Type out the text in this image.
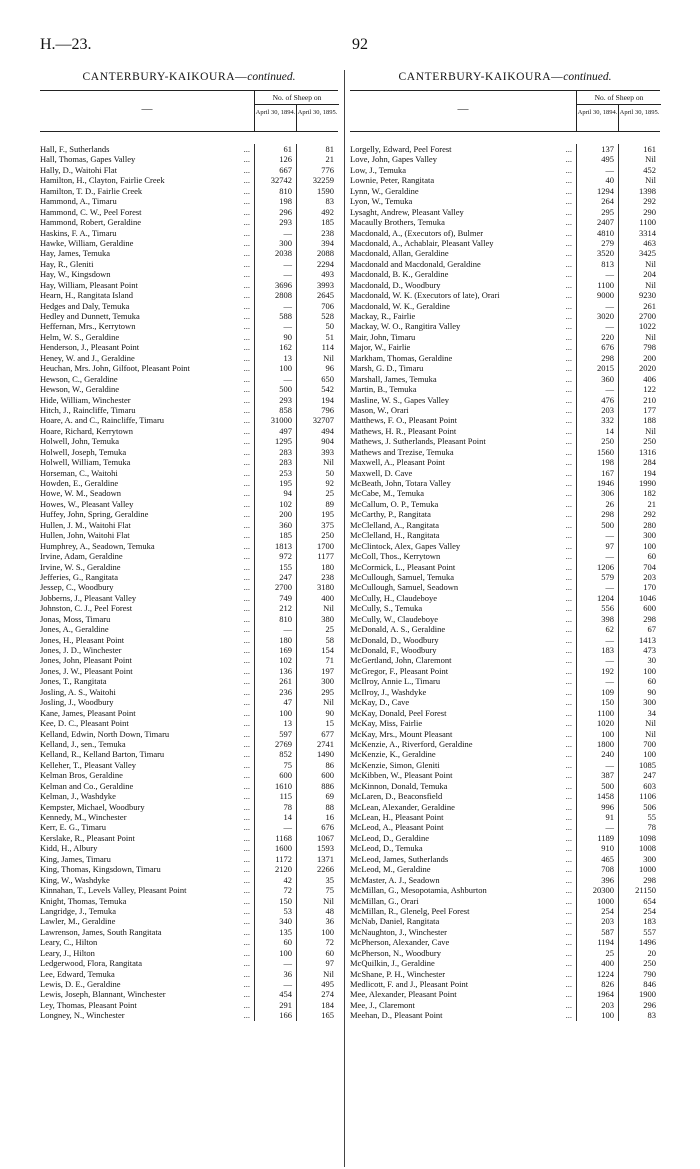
H.—23.	92
CANTERBURY-KAIKOURA—continued.
—
No. of Sheep on
April 30, 1894. April 30, 1895.
Hall, F., Sutherlands	...	61	81
Hall, Thomas, Gapes Valley	...	126	21
Hally, D., Waitohi Flat	...	667	776
Hamilton, H., Clayton, Fairlie Creek	...	32742	32259
Hamilton, T. D., Fairlie Creek	...	810	1590
Hammond, A., Timaru	...	198	83
Hammond, C. W., Peel Forest	...	296	492
Hammond, Robert, Geraldine	...	293	185
Haskins, F. A., Timaru	...	—	238
Hawke, William, Geraldine	...	300	394
Hay, James, Temuka	...	2038	2088
Hay, R., Gleniti	...	—	2294
Hay, W., Kingsdown	...	—	493
Hay, William, Pleasant Point	...	3696	3993
Hearn, H., Rangitata Island	...	2808	2645
Hedges and Daly, Temuka	...	—	706
Hedley and Dunnett, Temuka	...	588	528
Heffernan, Mrs., Kerrytown	...	—	50
Helm, W. S., Geraldine	...	90	51
Henderson, J., Pleasant Point	...	162	114
Heney, W. and J., Geraldine	...	13	Nil
Heuchan, Mrs. John, Gilfoot, Pleasant Point	...	100	96
Hewson, C., Geraldine	...	—	650
Hewson, W., Geraldine	...	500	542
Hide, William, Winchester	...	293	194
Hitch, J., Raincliffe, Timaru	...	858	796
Hoare, A. and C., Raincliffe, Timaru	...	31000	32707
Hoare, Richard, Kerrytown	...	497	494
Holwell, John, Temuka	...	1295	904
Holwell, Joseph, Temuka	...	283	393
Holwell, William, Temuka	...	283	Nil
Horseman, C., Waitohi	...	253	50
Howden, E., Geraldine	...	195	92
Howe, W. M., Seadown	...	94	25
Howes, W., Pleasant Valley	...	102	89
Huffey, John, Spring, Geraldine	...	200	195
Hullen, J. M., Waitohi Flat	...	360	375
Hullen, John, Waitohi Flat	...	185	250
Humphrey, A., Seadown, Temuka	...	1813	1700
Irvine, Adam, Geraldine	...	972	1177
Irvine, W. S., Geraldine	...	155	180
Jefferies, G., Rangitata	...	247	238
Jessep, C., Woodbury	...	2700	3180
Jobberns, J., Pleasant Valley	...	749	400
Johnston, C. J., Peel Forest	...	212	Nil
Jonas, Moss, Timaru	...	810	380
Jones, A., Geraldine	...	—	25
Jones, H., Pleasant Point	...	180	58
Jones, J. D., Winchester	...	169	154
Jones, John, Pleasant Point	...	102	71
Jones, J. W., Pleasant Point	...	136	197
Jones, T., Rangitata	...	261	300
Josling, A. S., Waitohi	...	236	295
Josling, J., Woodbury	...	47	Nil
Kane, James, Pleasant Point	...	100	90
Kee, D. C., Pleasant Point	...	13	15
Kelland, Edwin, North Down, Timaru	...	597	677
Kelland, J., sen., Temuka	...	2769	2741
Kelland, R., Kelland Barton, Timaru	...	852	1490
Kelleher, T., Pleasant Valley	...	75	86
Kelman Bros, Geraldine	...	600	600
Kelman and Co., Geraldine	...	1610	886
Kelman, J., Washdyke	...	115	69
Kempster, Michael, Woodbury	...	78	88
Kennedy, M., Winchester	...	14	16
Kerr, E. G., Timaru	...	—	676
Kerslake, R., Pleasant Point	...	1168	1067
Kidd, H., Albury	...	1600	1593
King, James, Timaru	...	1172	1371
King, Thomas, Kingsdown, Timaru	...	2120	2266
King, W., Washdyke	...	42	35
Kinnahan, T., Levels Valley, Pleasant Point	...	72	75
Knight, Thomas, Temuka	...	150	Nil
Langridge, J., Temuka	...	53	48
Lawler, M., Geraldine	...	340	36
Lawrenson, James, South Rangitata	...	135	100
Leary, C., Hilton	...	60	72
Leary, J., Hilton	...	100	60
Ledgerwood, Flora, Rangitata	...	—	97
Lee, Edward, Temuka	...	36	Nil
Lewis, D. E., Geraldine	...	—	495
Lewis, Joseph, Blannant, Winchester	...	454	274
Ley, Thomas, Pleasant Point	...	291	184
Longney, N., Winchester	...	166	165
CANTERBURY-KAIKOURA—continued.
—
No. of Sheep on
April 30, 1894. April 30, 1895.
Lorgelly, Edward, Peel Forest	...	137	161
Love, John, Gapes Valley	...	495	Nil
Low, J., Temuka	...	—	452
Lownie, Peter, Rangitata	...	40	Nil
Lynn, W., Geraldine	...	1294	1398
Lyon, W., Temuka	...	264	292
Lysaght, Andrew, Pleasant Valley	...	295	290
Macaully Brothers, Temuka	...	2407	1100
Macdonald, A., (Executors of), Bulmer	...	4810	3314
Macdonald, A., Achablair, Pleasant Valley	...	279	463
Macdonald, Allan, Geraldine	...	3520	3425
Macdonald and Macdonald, Geraldine	...	813	Nil
Macdonald, B. K., Geraldine	...	—	204
Macdonald, D., Woodbury	...	1100	Nil
Macdonald, W. K. (Executors of late), Orari	...	9000	9230
Macdonald, W. K., Geraldine	...	—	261
Mackay, R., Fairlie	...	3020	2700
Mackay, W. O., Rangitira Valley	...	—	1022
Mair, John, Timaru	...	220	Nil
Major, W., Fairlie	...	676	798
Markham, Thomas, Geraldine	...	298	200
Marsh, G. D., Timaru	...	2015	2020
Marshall, James, Temuka	...	360	406
Martin, B., Temuka	...	—	122
Masline, W. S., Gapes Valley	...	476	210
Mason, W., Orari	...	203	177
Matthews, F. O., Pleasant Point	...	332	188
Mathews, H. R., Pleasant Point	...	14	Nil
Mathews, J. Sutherlands, Pleasant Point	...	250	250
Mathews and Trezise, Temuka	...	1560	1316
Maxwell, A., Pleasant Point	...	198	284
Maxwell, D. Cave	...	167	194
McBeath, John, Totara Valley	...	1946	1990
McCabe, M., Temuka	...	306	182
McCallum, O. P., Temuka	...	26	21
McCarthy, P., Rangitata	...	298	292
McClelland, A., Rangitata	...	500	280
McClelland, H., Rangitata	...	—	300
McClintock, Alex, Gapes Valley	...	97	100
McColl, Thos., Kerrytown	...	—	60
McCormick, L., Pleasant Point	...	1206	704
McCullough, Samuel, Temuka	...	579	203
McCullough, Samuel, Seadown	...	—	170
McCully, H., Claudeboye	...	1204	1046
McCully, S., Temuka	...	556	600
McCully, W., Claudeboye	...	398	298
McDonald, A. S., Geraldine	...	62	67
McDonald, D., Woodbury	...	—	1413
McDonald, F., Woodbury	...	183	473
McGertland, John, Claremont	...	—	30
McGregor, F., Pleasant Point	...	192	100
McIlroy, Annie L., Timaru	...	—	60
McIlroy, J., Washdyke	...	109	90
McKay, D., Cave	...	150	300
McKay, Donald, Peel Forest	...	1100	34
McKay, Miss, Fairlie	...	1020	Nil
McKay, Mrs., Mount Pleasant	...	100	Nil
McKenzie, A., Riverford, Geraldine	...	1800	700
McKenzie, K., Geraldine	...	240	100
McKenzie, Simon, Gleniti	...	—	1085
McKibben, W., Pleasant Point	...	387	247
McKinnon, Donald, Temuka	...	500	603
McLaren, D., Beaconsfield	...	1458	1106
McLean, Alexander, Geraldine	...	996	506
McLean, H., Pleasant Point	...	91	55
McLeod, A., Pleasant Point	...	—	78
McLeod, D., Geraldine	...	1189	1098
McLeod, D., Temuka	...	910	1008
McLeod, James, Sutherlands	...	465	300
McLeod, M., Geraldine	...	708	1000
McMaster, A. J., Seadown	...	396	298
McMillan, G., Mesopotamia, Ashburton	...	20300	21150
McMillan, G., Orari	...	1000	654
McMillan, R., Glenelg, Peel Forest	...	254	254
McNab, Daniel, Rangitata	...	203	183
McNaughton, J., Winchester	...	587	557
McPherson, Alexander, Cave	...	1194	1496
McPherson, N., Woodbury	...	25	20
McQuilkin, J., Geraldine	...	400	250
McShane, P. H., Winchester	...	1224	790
Medlicott, F. and J., Pleasant Point	...	826	846
Mee, Alexander, Pleasant Point	...	1964	1900
Mee, J., Claremont	...	203	296
Meehan, D., Pleasant Point	...	100	83
